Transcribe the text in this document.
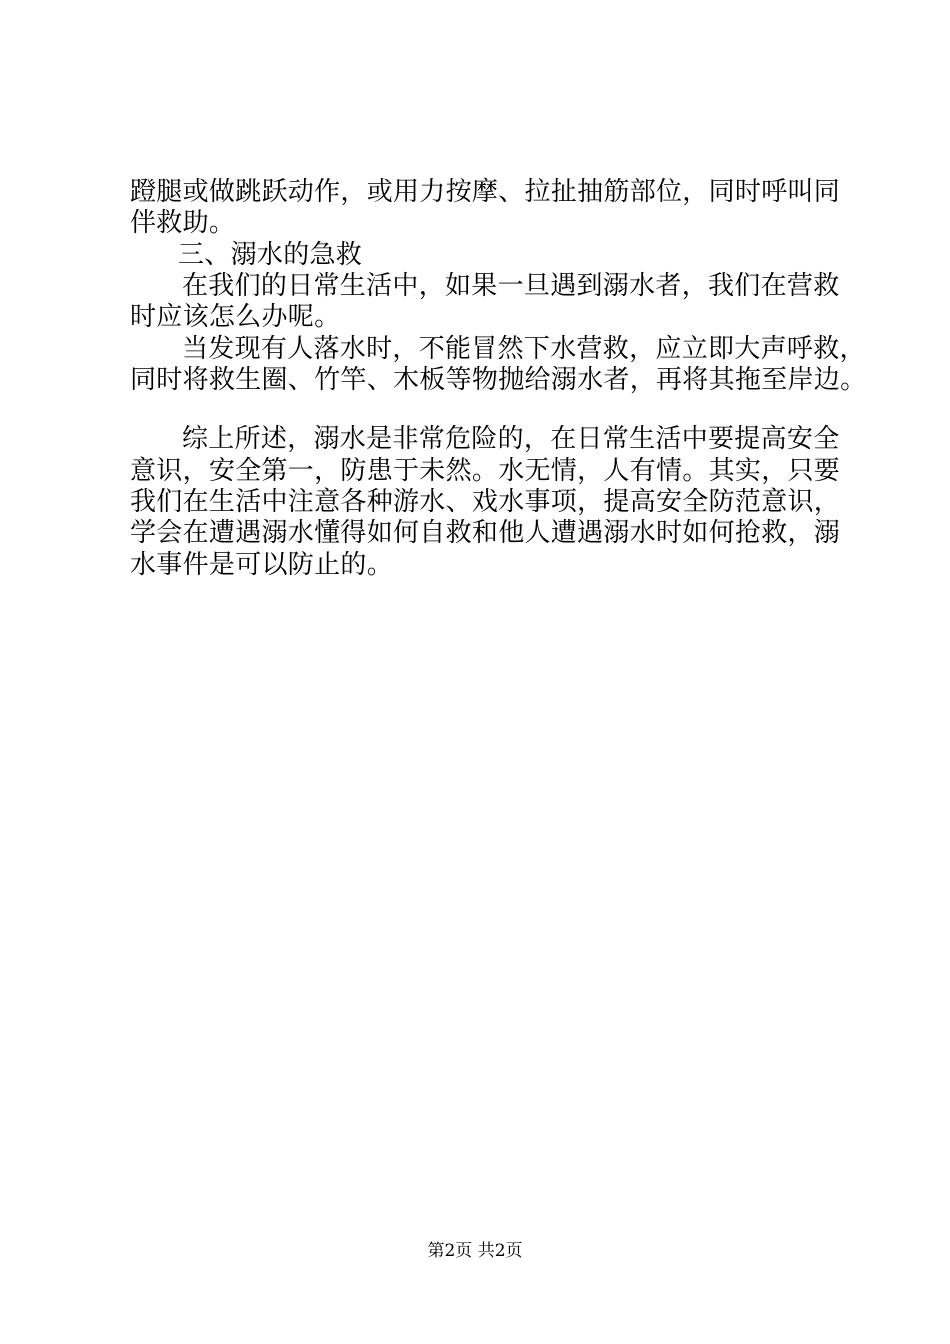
蹬腿或做跳跃动作，或用力按摩、拉扯抽筋部位，同时呼叫同
伴救助。
三、溺水的急救
在我们的日常生活中，如果一旦遇到溺水者，我们在营救
时应该怎么办呢。
当发现有人落水时，不能冒然下水营救，应立即大声呼救，
同时将救生圈、竹竿、木板等物抛给溺水者，再将其拖至岸边。
综上所述，溺水是非常危险的，在日常生活中要提高安全
意识，安全第一，防患于未然。水无情，人有情。其实，只要
我们在生活中注意各种游水、戏水事项，提高安全防范意识，
学会在遭遇溺水懂得如何自救和他人遭遇溺水时如何抢救，溺
水事件是可以防止的。
第2页 共2页
